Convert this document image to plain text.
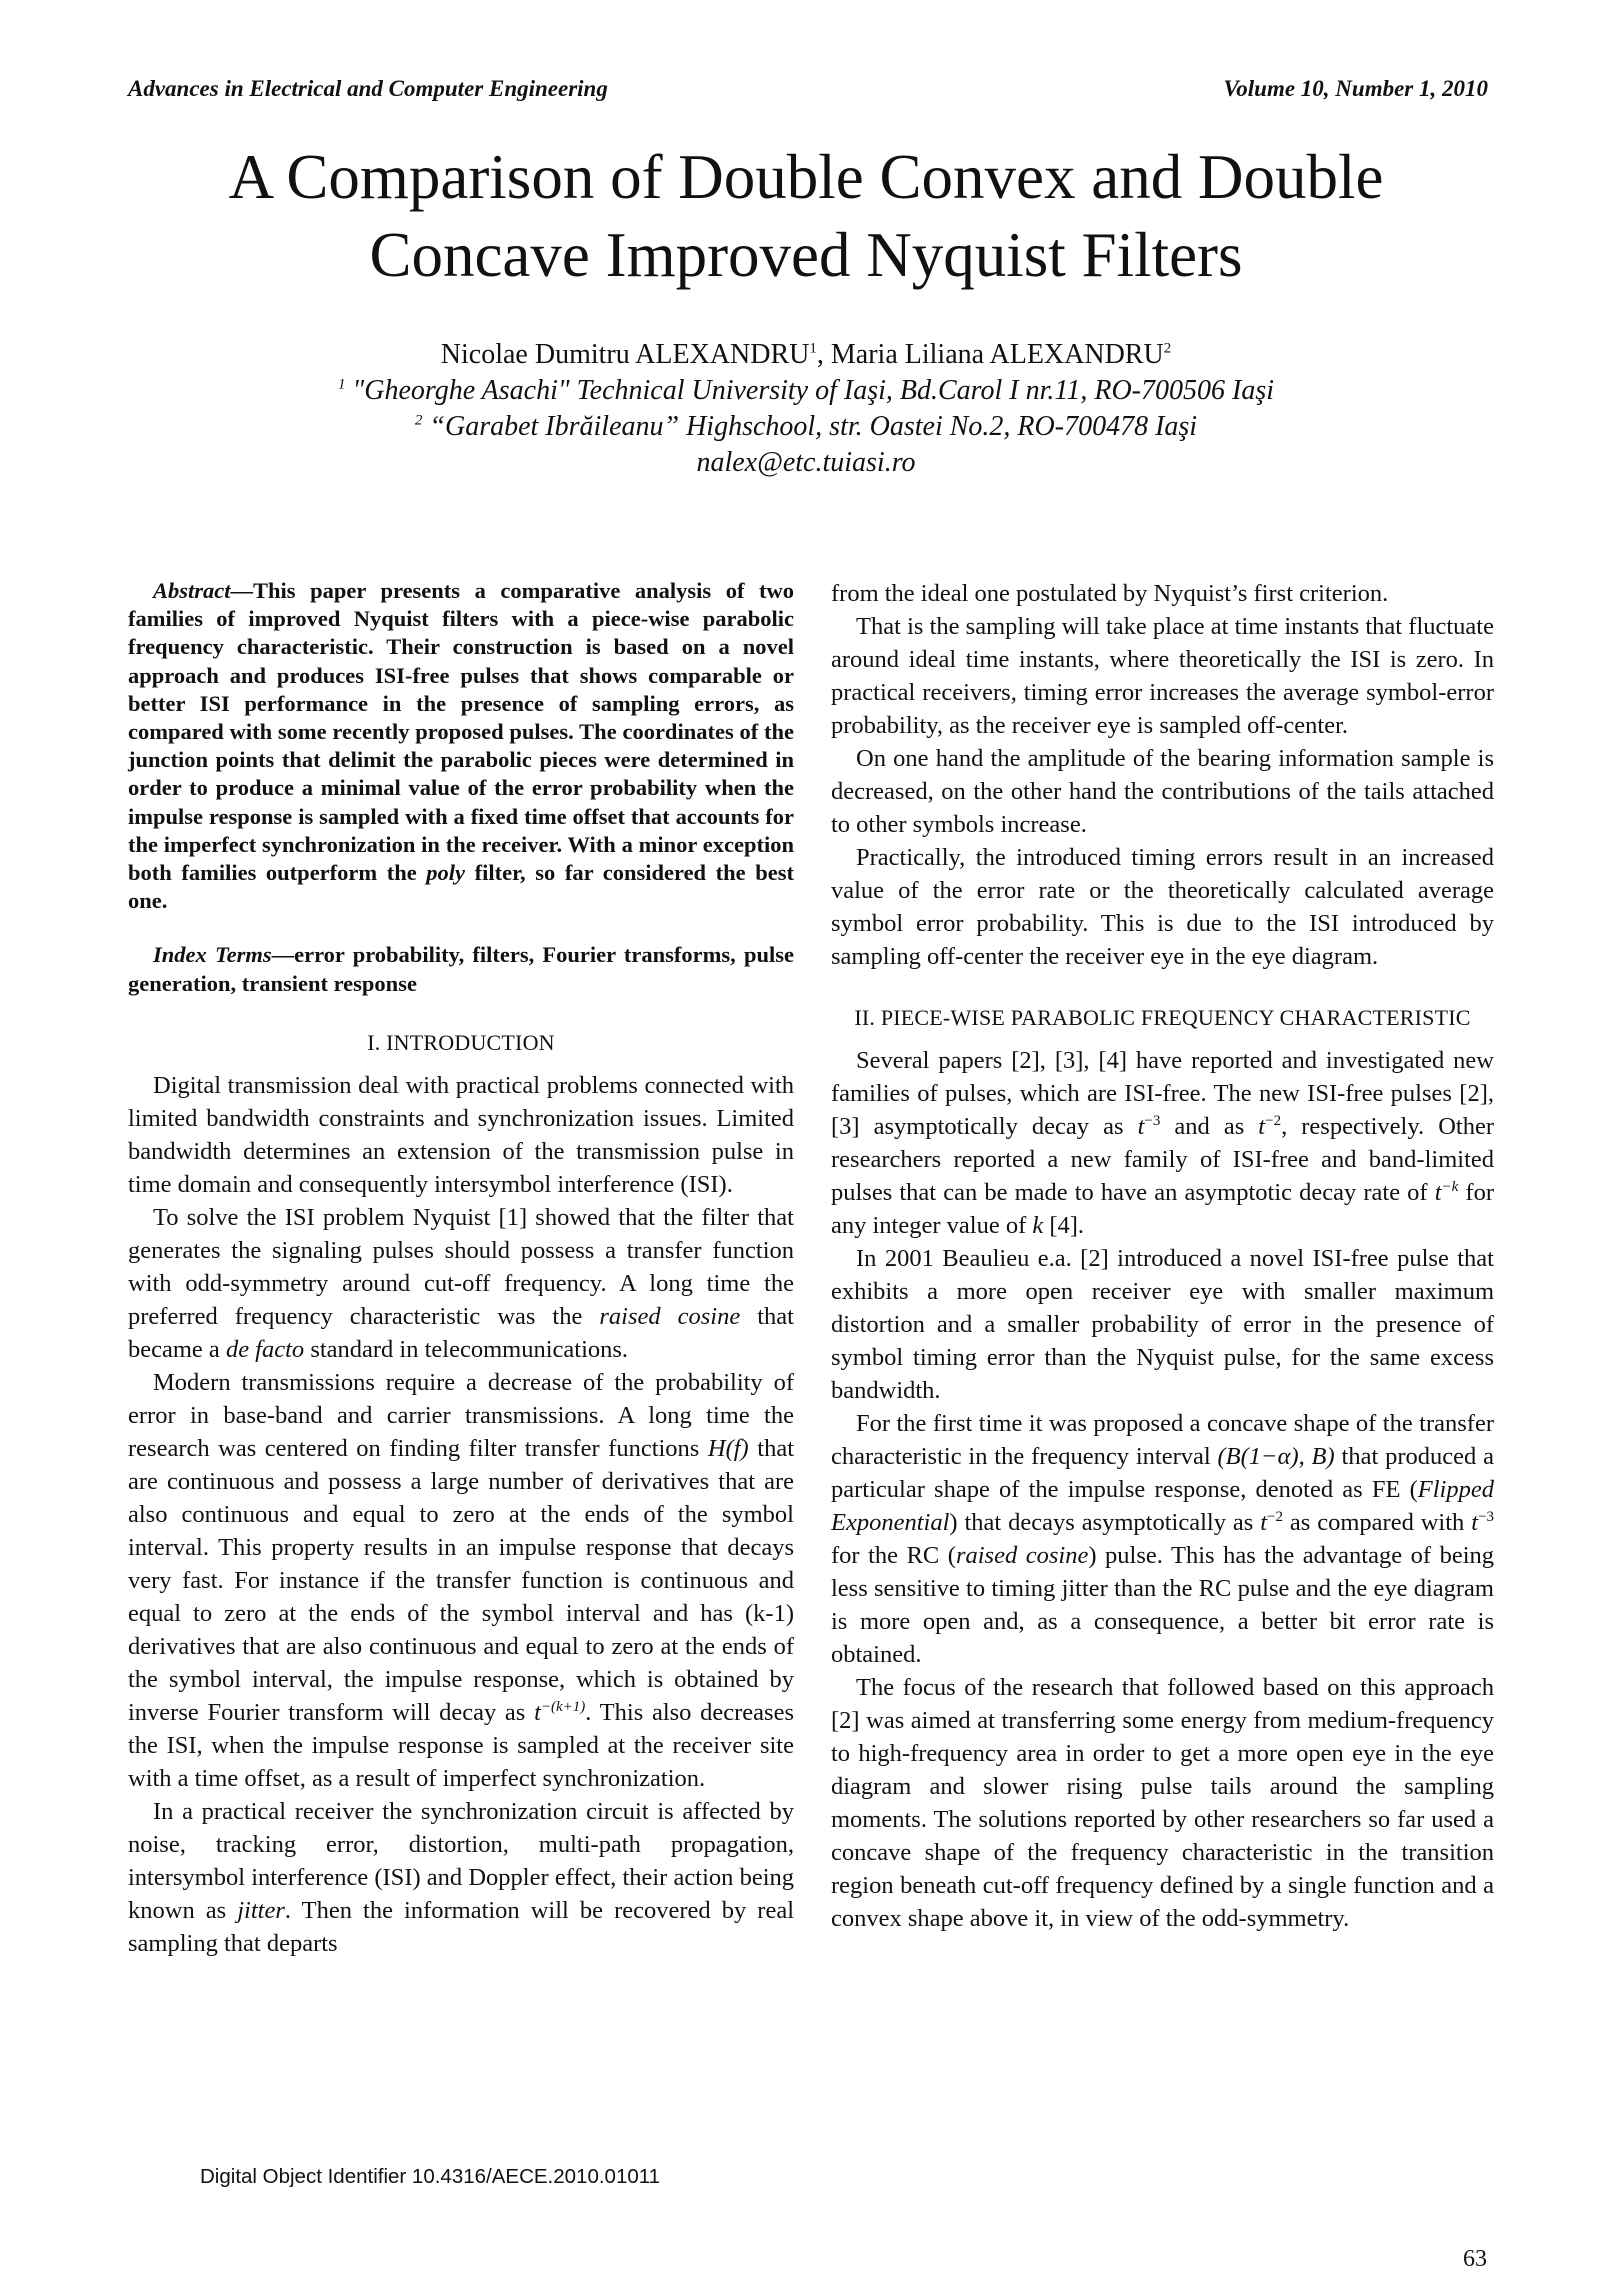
Advances in Electrical and Computer Engineering	Volume 10, Number 1, 2010
A Comparison of Double Convex and Double
Concave Improved Nyquist Filters
Nicolae Dumitru ALEXANDRU$^1$, Maria Liliana ALEXANDRU$^2$
$^1$ "Gheorghe Asachi" Technical University of Iaşi, Bd.Carol I nr.11, RO-700506 Iaşi
$^2$ “Garabet Ibrăileanu” Highschool, str. Oastei No.2, RO-700478 Iaşi
nalex@etc.tuiasi.ro

Abstract—This paper presents a comparative analysis of two families of improved Nyquist filters with a piece-wise parabolic frequency characteristic. Their construction is based on a novel approach and produces ISI-free pulses that shows comparable or better ISI performance in the presence of sampling errors, as compared with some recently proposed pulses. The coordinates of the junction points that delimit the parabolic pieces were determined in order to produce a minimal value of the error probability when the impulse response is sampled with a fixed time offset that accounts for the imperfect synchronization in the receiver. With a minor exception both families outperform the poly filter, so far considered the best one.

Index Terms—error probability, filters, Fourier transforms, pulse generation, transient response

I. INTRODUCTION

Digital transmission deal with practical problems connected with limited bandwidth constraints and synchronization issues. Limited bandwidth determines an extension of the transmission pulse in time domain and consequently intersymbol interference (ISI).

To solve the ISI problem Nyquist [1] showed that the filter that generates the signaling pulses should possess a transfer function with odd-symmetry around cut-off frequency. A long time the preferred frequency characteristic was the raised cosine that became a de facto standard in telecommunications.

Modern transmissions require a decrease of the probability of error in base-band and carrier transmissions. A long time the research was centered on finding filter transfer functions H(f) that are continuous and possess a large number of derivatives that are also continuous and equal to zero at the ends of the symbol interval. This property results in an impulse response that decays very fast. For instance if the transfer function is continuous and equal to zero at the ends of the symbol interval and has (k-1) derivatives that are also continuous and equal to zero at the ends of the symbol interval, the impulse response, which is obtained by inverse Fourier transform will decay as $t^{-(k+1)}$. This also decreases the ISI, when the impulse response is sampled at the receiver site with a time offset, as a result of imperfect synchronization.

In a practical receiver the synchronization circuit is affected by noise, tracking error, distortion, multi-path propagation, intersymbol interference (ISI) and Doppler effect, their action being known as jitter. Then the information will be recovered by real sampling that departs

from the ideal one postulated by Nyquist’s first criterion.

That is the sampling will take place at time instants that fluctuate around ideal time instants, where theoretically the ISI is zero. In practical receivers, timing error increases the average symbol-error probability, as the receiver eye is sampled off-center.

On one hand the amplitude of the bearing information sample is decreased, on the other hand the contributions of the tails attached to other symbols increase.

Practically, the introduced timing errors result in an increased value of the error rate or the theoretically calculated average symbol error probability. This is due to the ISI introduced by sampling off-center the receiver eye in the eye diagram.

II. PIECE-WISE PARABOLIC FREQUENCY CHARACTERISTIC

Several papers [2], [3], [4] have reported and investigated new families of pulses, which are ISI-free. The new ISI-free pulses [2], [3] asymptotically decay as $t^{-3}$ and as $t^{-2}$, respectively. Other researchers reported a new family of ISI-free and band-limited pulses that can be made to have an asymptotic decay rate of $t^{-k}$ for any integer value of k [4].

In 2001 Beaulieu e.a. [2] introduced a novel ISI-free pulse that exhibits a more open receiver eye with smaller maximum distortion and a smaller probability of error in the presence of symbol timing error than the Nyquist pulse, for the same excess bandwidth.

For the first time it was proposed a concave shape of the transfer characteristic in the frequency interval (B(1−α), B) that produced a particular shape of the impulse response, denoted as FE (Flipped Exponential) that decays asymptotically as $t^{-2}$ as compared with $t^{-3}$ for the RC (raised cosine) pulse. This has the advantage of being less sensitive to timing jitter than the RC pulse and the eye diagram is more open and, as a consequence, a better bit error rate is obtained.

The focus of the research that followed based on this approach [2] was aimed at transferring some energy from medium-frequency to high-frequency area in order to get a more open eye in the eye diagram and slower rising pulse tails around the sampling moments. The solutions reported by other researchers so far used a concave shape of the frequency characteristic in the transition region beneath cut-off frequency defined by a single function and a convex shape above it, in view of the odd-symmetry.

Digital Object Identifier 10.4316/AECE.2010.01011
63
